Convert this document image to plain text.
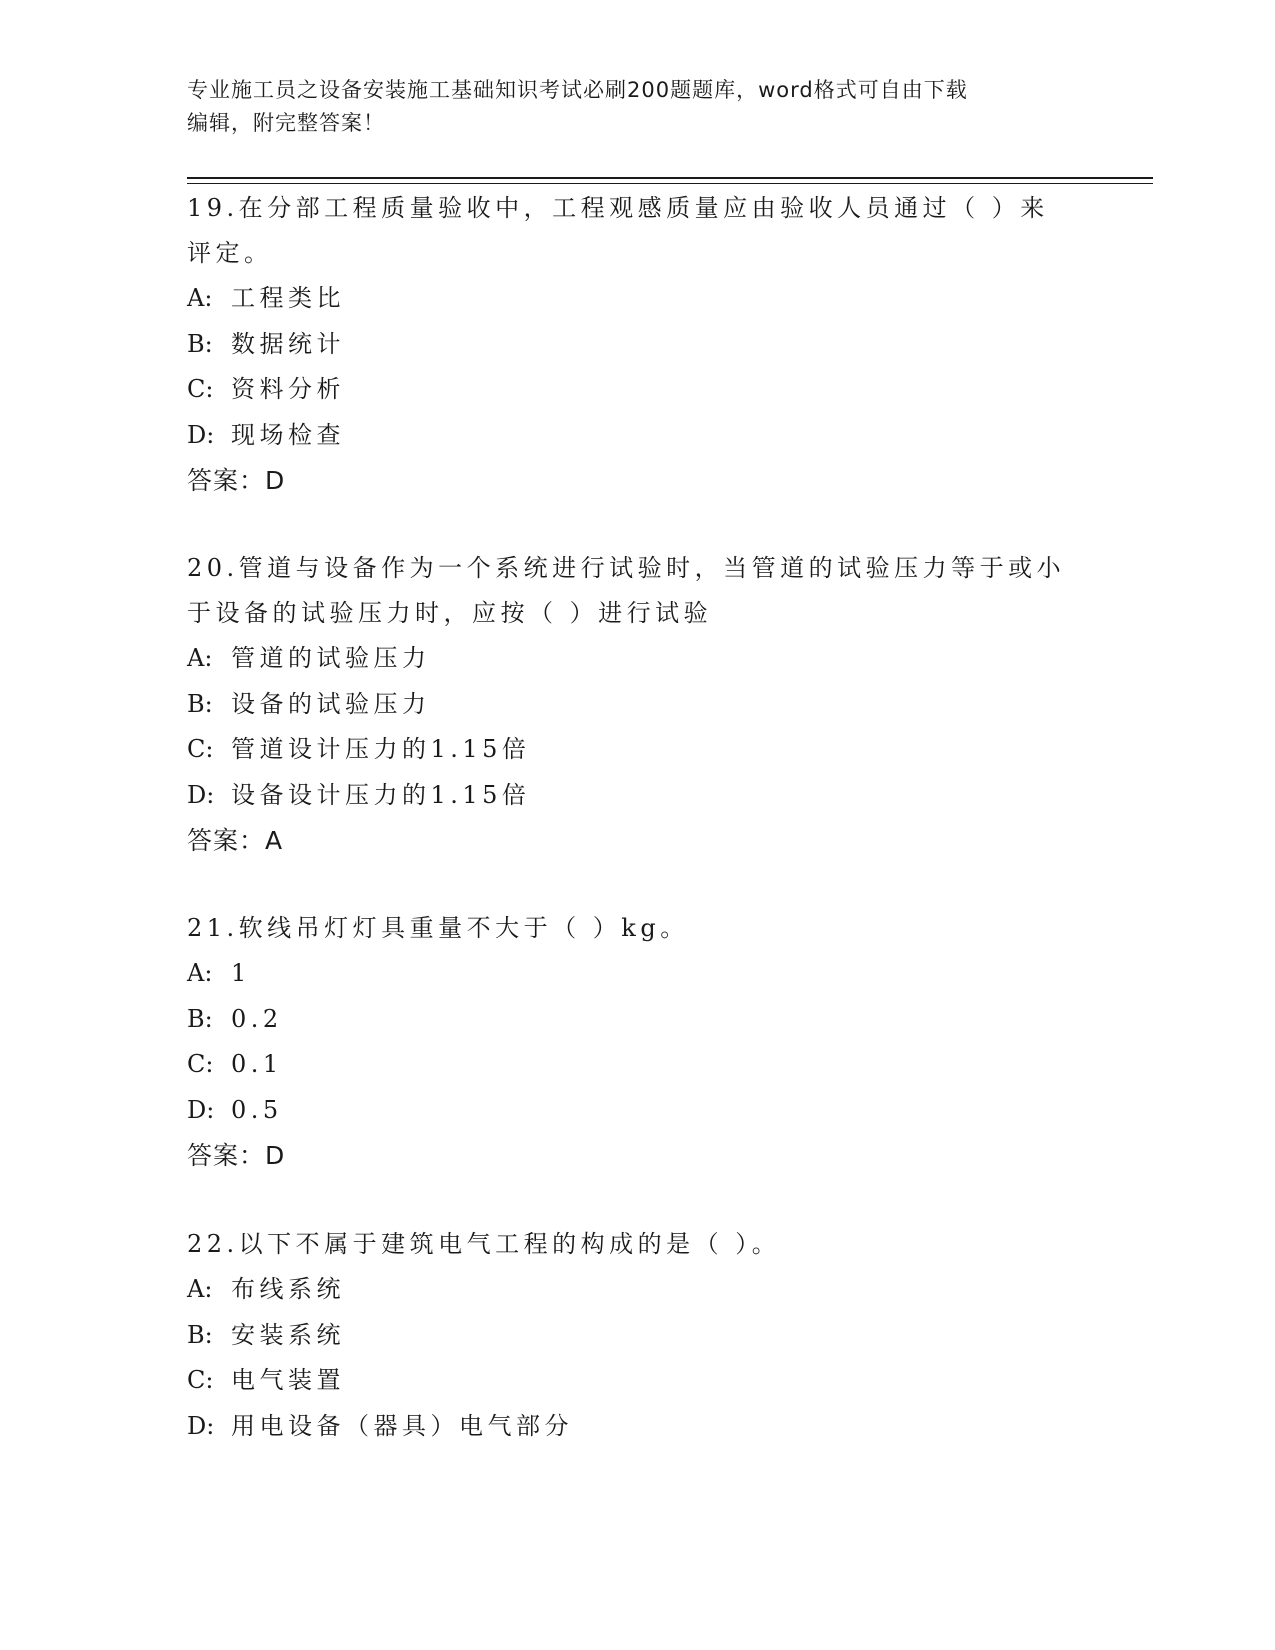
专业施工员之设备安装施工基础知识考试必刷200题题库，word格式可自由下载
编辑，附完整答案！

19.在分部工程质量验收中，工程观感质量应由验收人员通过（ ）来

评定。

A: 工程类比

B: 数据统计

C: 资料分析

D: 现场检查

答案：D

20.管道与设备作为一个系统进行试验时，当管道的试验压力等于或小

于设备的试验压力时，应按（ ）进行试验

A: 管道的试验压力

B: 设备的试验压力

C: 管道设计压力的1.15倍

D: 设备设计压力的1.15倍

答案：A

21.软线吊灯灯具重量不大于（ ）kg。

A: 1

B: 0.2

C: 0.1

D: 0.5

答案：D

22.以下不属于建筑电气工程的构成的是（ ）。

A: 布线系统

B: 安装系统

C: 电气装置

D: 用电设备（器具）电气部分
